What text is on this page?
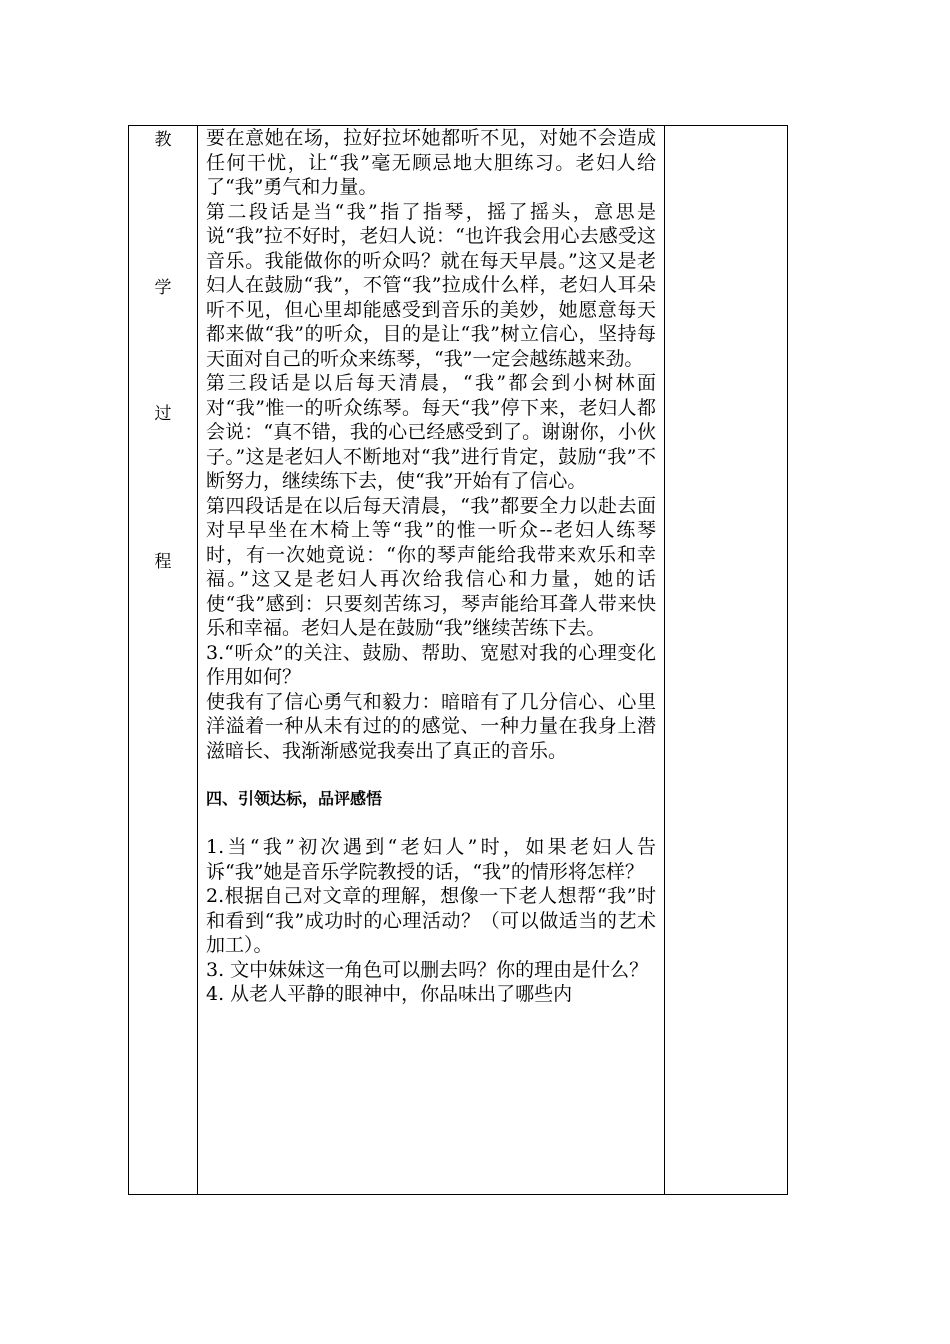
教
学
过
程

要在意她在场，拉好拉坏她都听不见，对她不会造成任何干忧，让“我”毫无顾忌地大胆练习。老妇人给了“我”勇气和力量。

第二段话是当“我”指了指琴，摇了摇头，意思是说“我”拉不好时，老妇人说：“也许我会用心去感受这音乐。我能做你的听众吗？就在每天早晨。”这又是老妇人在鼓励“我”，不管“我”拉成什么样，老妇人耳朵听不见，但心里却能感受到音乐的美妙，她愿意每天都来做“我”的听众，目的是让“我”树立信心，坚持每天面对自己的听众来练琴，“我”一定会越练越来劲。

第三段话是以后每天清晨，“我”都会到小树林面对“我”惟一的听众练琴。每天“我”停下来，老妇人都会说：“真不错，我的心已经感受到了。谢谢你，小伙子。”这是老妇人不断地对“我”进行肯定，鼓励“我”不断努力，继续练下去，使“我”开始有了信心。

第四段话是在以后每天清晨，“我”都要全力以赴去面对早早坐在木椅上等“我”的惟一听众--老妇人练琴时，有一次她竟说：“你的琴声能给我带来欢乐和幸福。”这又是老妇人再次给我信心和力量，她的话使“我”感到：只要刻苦练习，琴声能给耳聋人带来快乐和幸福。老妇人是在鼓励“我”继续苦练下去。

3.“听众”的关注、鼓励、帮助、宽慰对我的心理变化作用如何？

使我有了信心勇气和毅力：暗暗有了几分信心、心里洋溢着一种从未有过的的感觉、一种力量在我身上潜滋暗长、我渐渐感觉我奏出了真正的音乐。

四、引领达标，品评感悟

1.当“我”初次遇到“老妇人”时，如果老妇人告诉“我”她是音乐学院教授的话，“我”的情形将怎样？

2.根据自己对文章的理解，想像一下老人想帮“我”时和看到“我”成功时的心理活动？（可以做适当的艺术加工）。

3. 文中妹妹这一角色可以删去吗？你的理由是什么？

4. 从老人平静的眼神中，你品味出了哪些内
